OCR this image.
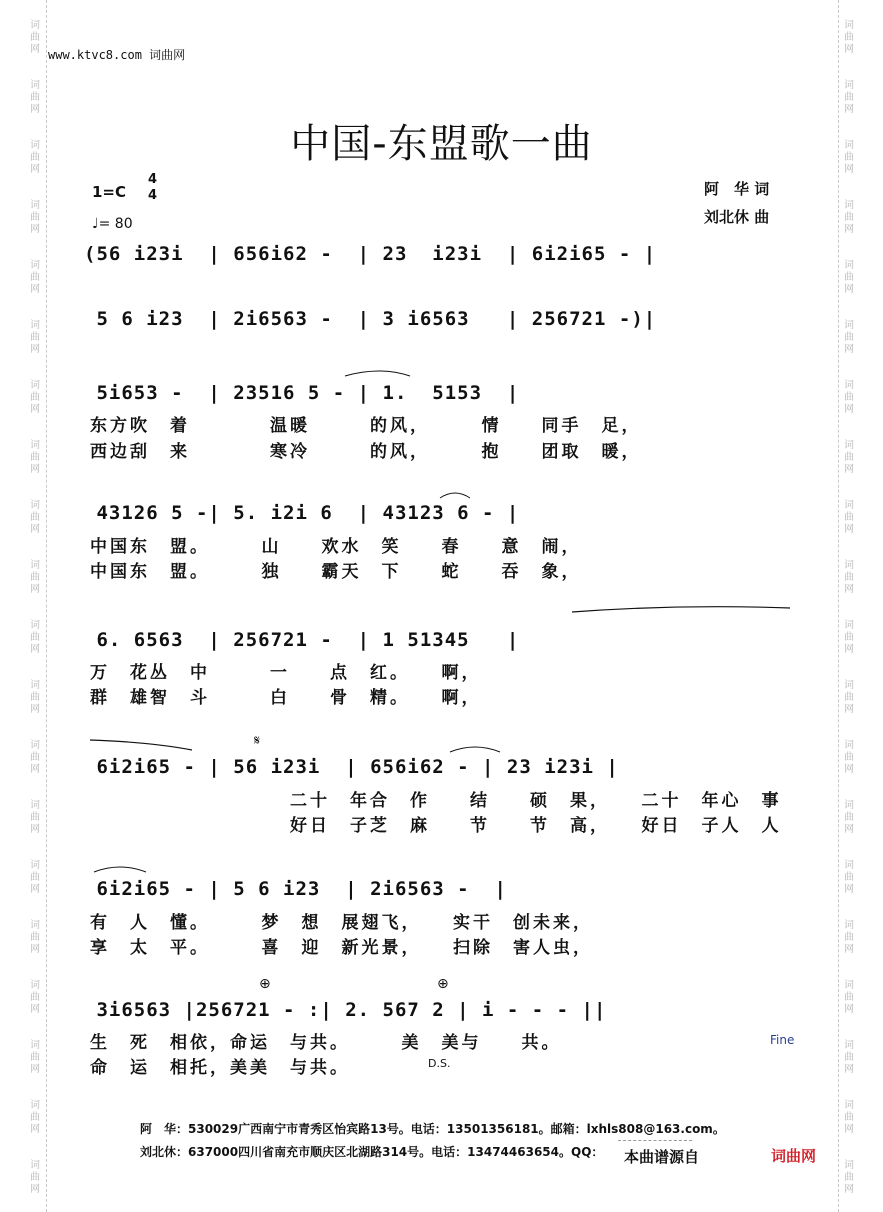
词
曲
网
词
曲
网
词
曲
网
词
曲
网
词
曲
网
词
曲
网
词
曲
网
词
曲
网
词
曲
网
词
曲
网
词
曲
网
词
曲
网
词
曲
网
词
曲
网
词
曲
网
词
曲
网
词
曲
网
词
曲
网
词
曲
网
词
曲
网
词
曲
网
词
曲
网
词
曲
网
词
曲
网
词
曲
网
词
曲
网
词
曲
网
词
曲
网
词
曲
网
词
曲
网
词
曲
网
词
曲
网
词
曲
网
词
曲
网
词
曲
网
词
曲
网
词
曲
网
词
曲
网
词
曲
网
词
曲
网
www.ktvc8.com 词曲网
中国-东盟歌一曲
1=C
4
4
♩= 80
阿　华 词
刘北休 曲
(56 i23i  | 656i62 -  | 23  i23i  | 6i2i65 - |
5 6 i23  | 2i6563 -  | 3 i6563   | 256721 -)|
5i653 -  | 23516 5 - | 1.  5153  |
东方吹　着　　　　温暖　　　的风，　　　情　　同手　足，
西边刮　来　　　　寒冷　　　的风，　　　抱　　团取　暖，
43126 5 -| 5. i2i 6  | 43123 6 - |
中国东　盟。　　　山　　欢水　笑　　春　　意　闹，
中国东　盟。　　　独　　霸天　下　　蛇　　吞　象，
6. 6563  | 256721 -  | 1 51345   |
万　花丛　中　　　一　　点　红。　　啊，
群　雄智　斗　　　白　　骨　精。　　啊，
6i2i65 - | 56 i23i  | 656i62 - | 23 i23i |
　　　　　　　　　　二十　年合　作　　结　　硕　果，　　二十　年心　事
　　　　　　　　　　好日　子芝　麻　　节　　节　高，　　好日　子人　人
𝄋
6i2i65 - | 5 6 i23  | 2i6563 -  |
有　人　懂。　　　梦　想　展翅飞，　　实干　创未来，
享　太　平。　　　喜　迎　新光景，　　扫除　害人虫，
3i6563 |256721 - :| 2. 567 2 | i - - - ||
生　死　相依，命运　与共。　　　美　美与　　共。
命　运　相托，美美　与共。
⊕	⊕
Fine
D.S.
阿　华：530029广西南宁市青秀区怡宾路13号。电话：13501356181。邮箱：lxhls808@163.com。
刘北休：637000四川省南充市顺庆区北湖路314号。电话：13474463654。QQ： 本曲谱源自	词曲网
